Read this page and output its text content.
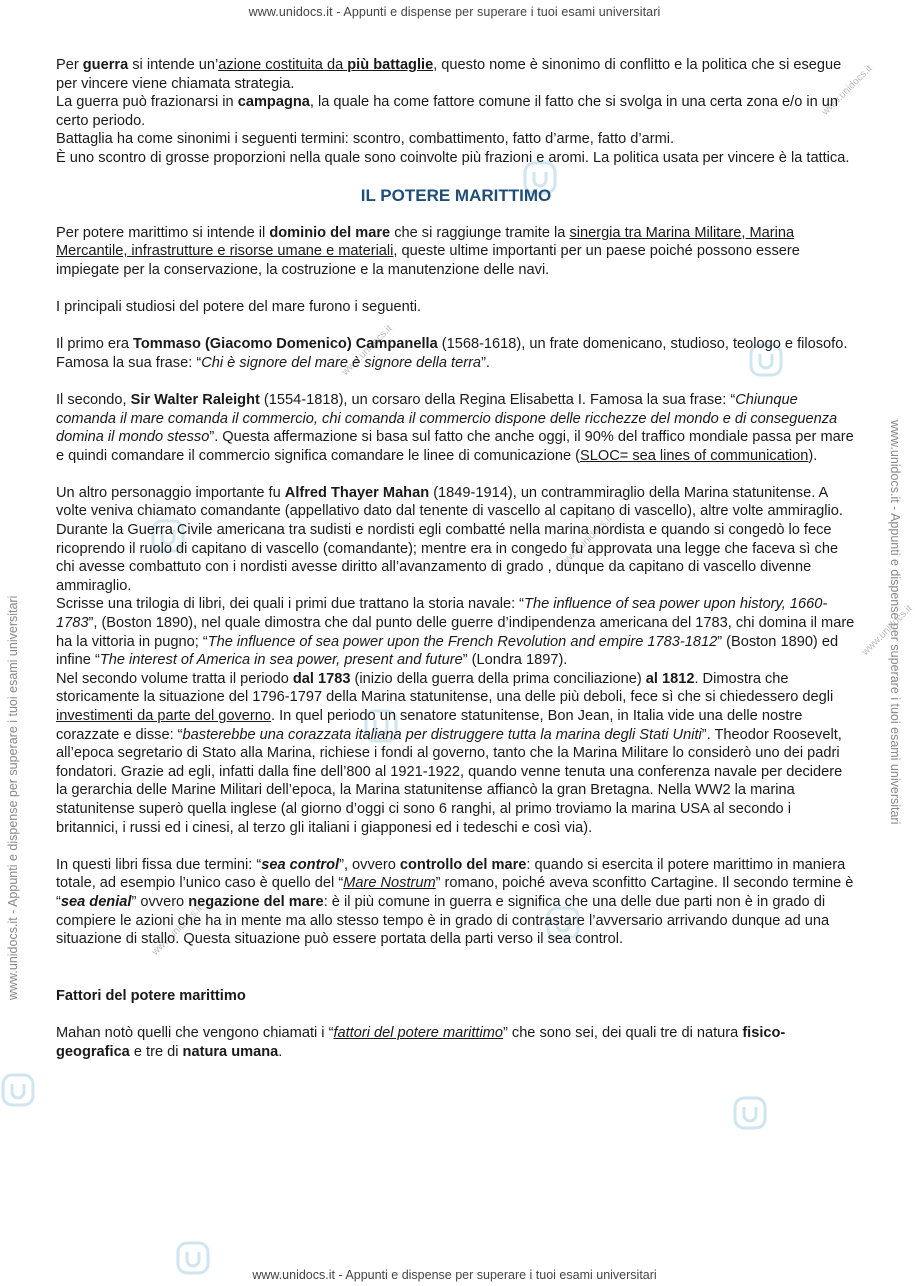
www.unidocs.it - Appunti e dispense per superare i tuoi esami universitari
www.unidocs.it - Appunti e dispense per superare i tuoi esami universitari	www.unidocs.it - Appunti e dispense per superare i tuoi esami universitari
www.unidocs.it
www.unidocs.it
www.unidocs.it
www.unidocs.it
www.unidocs.it

Per guerra si intende un’azione costituita da più battaglie, questo nome è sinonimo di conflitto e la politica che si esegue per vincere viene chiamata strategia.

La guerra può frazionarsi in campagna, la quale ha come fattore comune il fatto che si svolga in una certa zona e/o in un certo periodo.

Battaglia ha come sinonimi i seguenti termini: scontro, combattimento, fatto d’arme, fatto d’armi.

È uno scontro di grosse proporzioni nella quale sono coinvolte più frazioni e aromi. La politica usata per vincere è la tattica.

IL POTERE MARITTIMO

Per potere marittimo si intende il dominio del mare che si raggiunge tramite la sinergia tra Marina Militare, Marina Mercantile, infrastrutture e risorse umane e materiali, queste ultime importanti per un paese poiché possono essere impiegate per la conservazione, la costruzione e la manutenzione delle navi.

I principali studiosi del potere del mare furono i seguenti.

Il primo era Tommaso (Giacomo Domenico) Campanella (1568-1618), un frate domenicano, studioso, teologo e filosofo. Famosa la sua frase: “Chi è signore del mare è signore della terra”.

Il secondo, Sir Walter Raleight (1554-1818), un corsaro della Regina Elisabetta I. Famosa la sua frase: “Chiunque comanda il mare comanda il commercio, chi comanda il commercio dispone delle ricchezze del mondo e di conseguenza domina il mondo stesso”. Questa affermazione si basa sul fatto che anche oggi, il 90% del traffico mondiale passa per mare e quindi comandare il commercio significa comandare le linee di comunicazione (SLOC= sea lines of communication).

Un altro personaggio importante fu Alfred Thayer Mahan (1849-1914), un contrammiraglio della Marina statunitense. A volte veniva chiamato comandante (appellativo dato dal tenente di vascello al capitano di vascello), altre volte ammiraglio. Durante la Guerra Civile americana tra sudisti e nordisti egli combatté nella marina nordista e quando si congedò lo fece ricoprendo il ruolo di capitano di vascello (comandante); mentre era in congedo fu approvata una legge che faceva sì che chi avesse combattuto con i nordisti avesse diritto all’avanzamento di grado , dunque da capitano di vascello divenne ammiraglio.

Scrisse una trilogia di libri, dei quali i primi due trattano la storia navale: “The influence of sea power upon history, 1660-1783”, (Boston 1890), nel quale dimostra che dal punto delle guerre d’indipendenza americana del 1783, chi domina il mare ha la vittoria in pugno; “The influence of sea power upon the French Revolution and empire 1783-1812” (Boston 1890) ed infine “The interest of America in sea power, present and future” (Londra 1897).

Nel secondo volume tratta il periodo dal 1783 (inizio della guerra della prima conciliazione) al 1812. Dimostra che storicamente la situazione del 1796-1797 della Marina statunitense, una delle più deboli, fece sì che si chiedessero degli investimenti da parte del governo. In quel periodo un senatore statunitense, Bon Jean, in Italia vide una delle nostre corazzate e disse: “basterebbe una corazzata italiana per distruggere tutta la marina degli Stati Uniti”. Theodor Roosevelt, all’epoca segretario di Stato alla Marina, richiese i fondi al governo, tanto che la Marina Militare lo considerò uno dei padri fondatori. Grazie ad egli, infatti dalla fine dell’800 al 1921-1922, quando venne tenuta una conferenza navale per decidere la gerarchia delle Marine Militari dell’epoca, la Marina statunitense affiancò la gran Bretagna. Nella WW2 la marina statunitense superò quella inglese (al giorno d’oggi ci sono 6 ranghi, al primo troviamo la marina USA al secondo i britannici, i russi ed i cinesi, al terzo gli italiani i giapponesi ed i tedeschi e così via).

In questi libri fissa due termini: “sea control”, ovvero controllo del mare: quando si esercita il potere marittimo in maniera totale, ad esempio l’unico caso è quello del “Mare Nostrum” romano, poiché aveva sconfitto Cartagine. Il secondo termine è “sea denial” ovvero negazione del mare: è il più comune in guerra e significa che una delle due parti non è in grado di compiere le azioni che ha in mente ma allo stesso tempo è in grado di contrastare l’avversario arrivando dunque ad una situazione di stallo. Questa situazione può essere portata della parti verso il sea control.

Fattori del potere marittimo

Mahan notò quelli che vengono chiamati i “fattori del potere marittimo” che sono sei, dei quali tre di natura fisico-geografica e tre di natura umana.

www.unidocs.it - Appunti e dispense per superare i tuoi esami universitari
